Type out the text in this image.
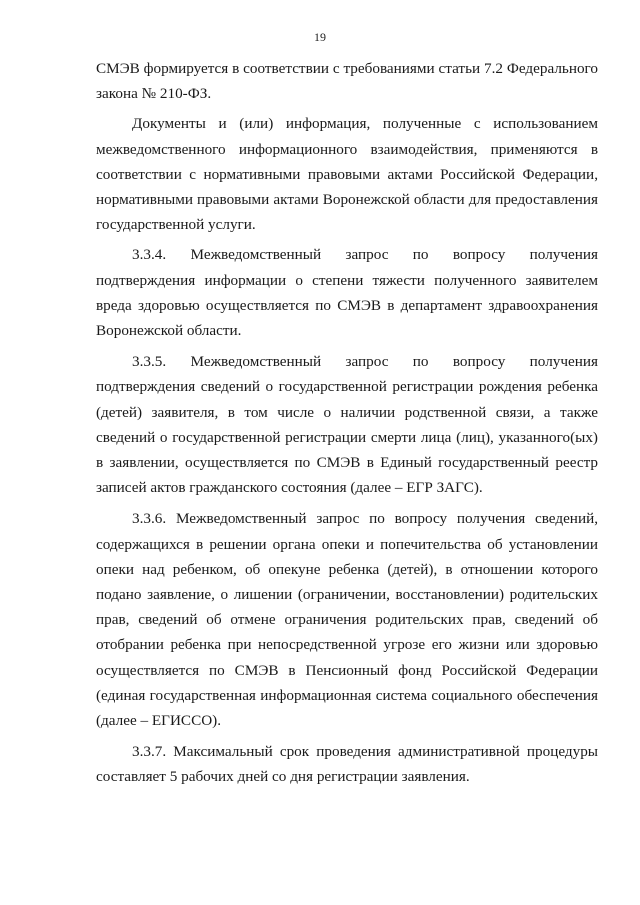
19

СМЭВ формируется в соответствии с требованиями статьи 7.2 Федерального закона № 210-ФЗ.

Документы и (или) информация, полученные с использованием межведомственного информационного взаимодействия, применяются в соответствии с нормативными правовыми актами Российской Федерации, нормативными правовыми актами Воронежской области для предоставления государственной услуги.

3.3.4. Межведомственный запрос по вопросу получения подтверждения информации о степени тяжести полученного заявителем вреда здоровью осуществляется по СМЭВ в департамент здравоохранения Воронежской области.

3.3.5. Межведомственный запрос по вопросу получения подтверждения сведений о государственной регистрации рождения ребенка (детей) заявителя, в том числе о наличии родственной связи, а также сведений о государственной регистрации смерти лица (лиц), указанного(ых) в заявлении, осуществляется по СМЭВ в Единый государственный реестр записей актов гражданского состояния (далее – ЕГР ЗАГС).

3.3.6. Межведомственный запрос по вопросу получения сведений, содержащихся в решении органа опеки и попечительства об установлении опеки над ребенком, об опекуне ребенка (детей), в отношении которого подано заявление, о лишении (ограничении, восстановлении) родительских прав, сведений об отмене ограничения родительских прав, сведений об отобрании ребенка при непосредственной угрозе его жизни или здоровью осуществляется по СМЭВ в Пенсионный фонд Российской Федерации (единая государственная информационная система социального обеспечения (далее – ЕГИССО).

3.3.7. Максимальный срок проведения административной процедуры составляет 5 рабочих дней со дня регистрации заявления.
